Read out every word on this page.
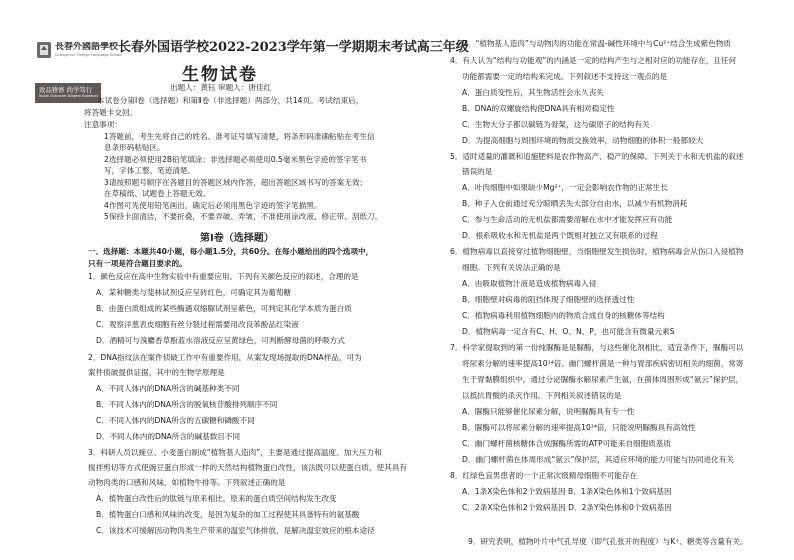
長春外國語學校
Changchun Foreign Language School
致品雅修 尚学笃行
Noble Character Diligent Endeavor
长春外国语学校2022-2023学年第一学期期末考试高三年级
生物试卷
出题人：黄钰 审题人：唐佳红
本试卷分第Ⅰ卷（选择题）和第Ⅱ卷（非选择题）两部分，共14页。考试结束后，
将答题卡交回。
注意事项：
1答题前，考生先将自己的姓名、准考证号填写清楚，将条形码准确粘贴在考生信
息条形码粘贴区。
2选择题必须使用2B铅笔填涂；非选择题必须使用0.5毫米黑色字迹的签字笔书
写，字体工整、笔迹清楚。
3请按照题号顺序在各题目的答题区域内作答，超出答题区域书写的答案无效；
在草稿纸、试题卷上答题无效。
4作图可先使用铅笔画出，确定后必须用黑色字迹的签字笔描黑。
5保持卡面清洁，不要折叠，不要弄破、弄皱，不准使用涂改液、修正带、刮纸刀。
第Ⅰ卷（选择题）
一、选择题：本题共40小题，每小题1.5分，共60分。在每小题给出的四个选项中，
只有一项是符合题目要求的。
1．颜色反应在高中生物实验中有重要应用。下列有关颜色反应的叙述，合理的是
A．某种糖类与斐林试剂反应呈砖红色，可确定其为葡萄糖
B．由蛋白质组成的某些酶遇双缩脲试剂呈紫色，可判定其化学本质为蛋白质
C．观察洋葱表皮细胞有丝分裂过程需要用改良苯酚品红染液
D．酒精可与溴麝香草酚蓝水溶液反应呈黄绿色，可判断酵母菌的呼吸方式
2．DNA指纹法在案件侦破工作中有重要作用，从案发现场提取的DNA样品，可为
案件侦破提供证据，其中的生物学原理是
A．不同人体内的DNA所含的碱基种类不同
B．不同人体内的DNA所含的脱氧核苷酸排列顺序不同
C．不同人体内的DNA所含的五碳糖和磷酸不同
D．不同人体内的DNA所含的碱基数目不同
3．科研人员以豌豆、小麦蛋白制成“植物基人造肉”，主要是通过提高温度、加大压力和
搅拌剪切等方式使豌豆蛋白形成一样的天然结构植物蛋白改性，该法既可以使蛋白质，使其具有
动物肉类的口感和风味，如植物牛排等。下列叙述正确的是
A．植物蛋白改性后的肽链与原来相比，原来的蛋白质空间结构发生改变
B．植物蛋白口感和风味的改变，是因为复杂的加工过程使其具备特有的氨基酸
C．该技术可缓解因动物肉类生产带来的温室气体排放，是解决温室效应的根本途径
D．“植物基人造肉”与动物肉的功能在常温-碱性环境中与Cu²⁺结合生成紫色物质
4．有人认为“结构与功能观”的内涵是一定的结构产生与之相对应的功能存在，且任何
功能都需要一定的结构来完成。下列叙述不支持这一观点的是
A．蛋白质变性后，其生物活性会永久丧失
B．DNA的双螺旋结构使DNA具有相对稳定性
C．生物大分子都以碳链为骨架，这与碳原子的结构有关
D．为提高细胞与周围环境的物质交换效率，动物细胞的体积一般都较大
5．适时适量的灌溉和追施肥料是农作物高产、稳产的保障。下列关于水和无机盐的叙述
错误的是
A．叶肉细胞中如果缺少Mg²⁺，一定会影响农作物的正常生长
B．种子入仓前通过充分晾晒丢失大部分自由水，以减少有机物消耗
C．参与生命活动的无机盐都需要溶解在水中才能发挥应有功能
D．根系吸收水和无机盐是两个既相对独立又有联系的过程
6．植物病毒以直接穿过植物细胞壁，当细胞壁发生损伤时，植物病毒会从伤口入侵植物
细胞。下列有关说法正确的是
A．由吸取植物汁液是造成植物病毒入侵
B．细胞壁对病毒的阻挡体现了细胞壁的选择透过性
C．植物病毒利用植物细胞内的物质合成自身的核糖体等结构
D．植物病毒一定含有C、H、O、N、P，也可能含有微量元素S
7．科学家提取到的第一份纯脲酶是是脲酶，与这些催化剂相比，适宜条件下，脲酶可以
将尿素分解的速率提高10¹⁴倍。幽门螺杆菌是一种与胃部疾病密切相关的细菌，常寄
生于胃黏膜组织中，通过分泌脲酶水解尿素产生氨，在菌体周围形成“氨云”保护层，
以抵抗胃酸的杀灭作用。下列相关叙述错误的是
A．脲酶只能够催化尿素分解，说明脲酶具有专一性
B．脲酶可以将尿素分解的速率提高10¹⁴倍，只能说明脲酶具有高效性
C．幽门螺杆菌核糖体合成脲酶所需的ATP可能来自细胞质基质
D．幽门螺杆菌在体周形成“氨云”保护层，其适应环境的能力可能与协同进化有关
8．红绿色盲男患者的一个正常次级精母细胞不可能存在
A．1条X染色体和2个致病基因 B．1条X染色体和1个致病基因
C．2条X染色体和2个致病基因 D．2条Y染色体和0个致病基因
9．研究表明，植物叶片中气孔导度（即气孔张开的程度）与K⁺、糖类等含量有关。
